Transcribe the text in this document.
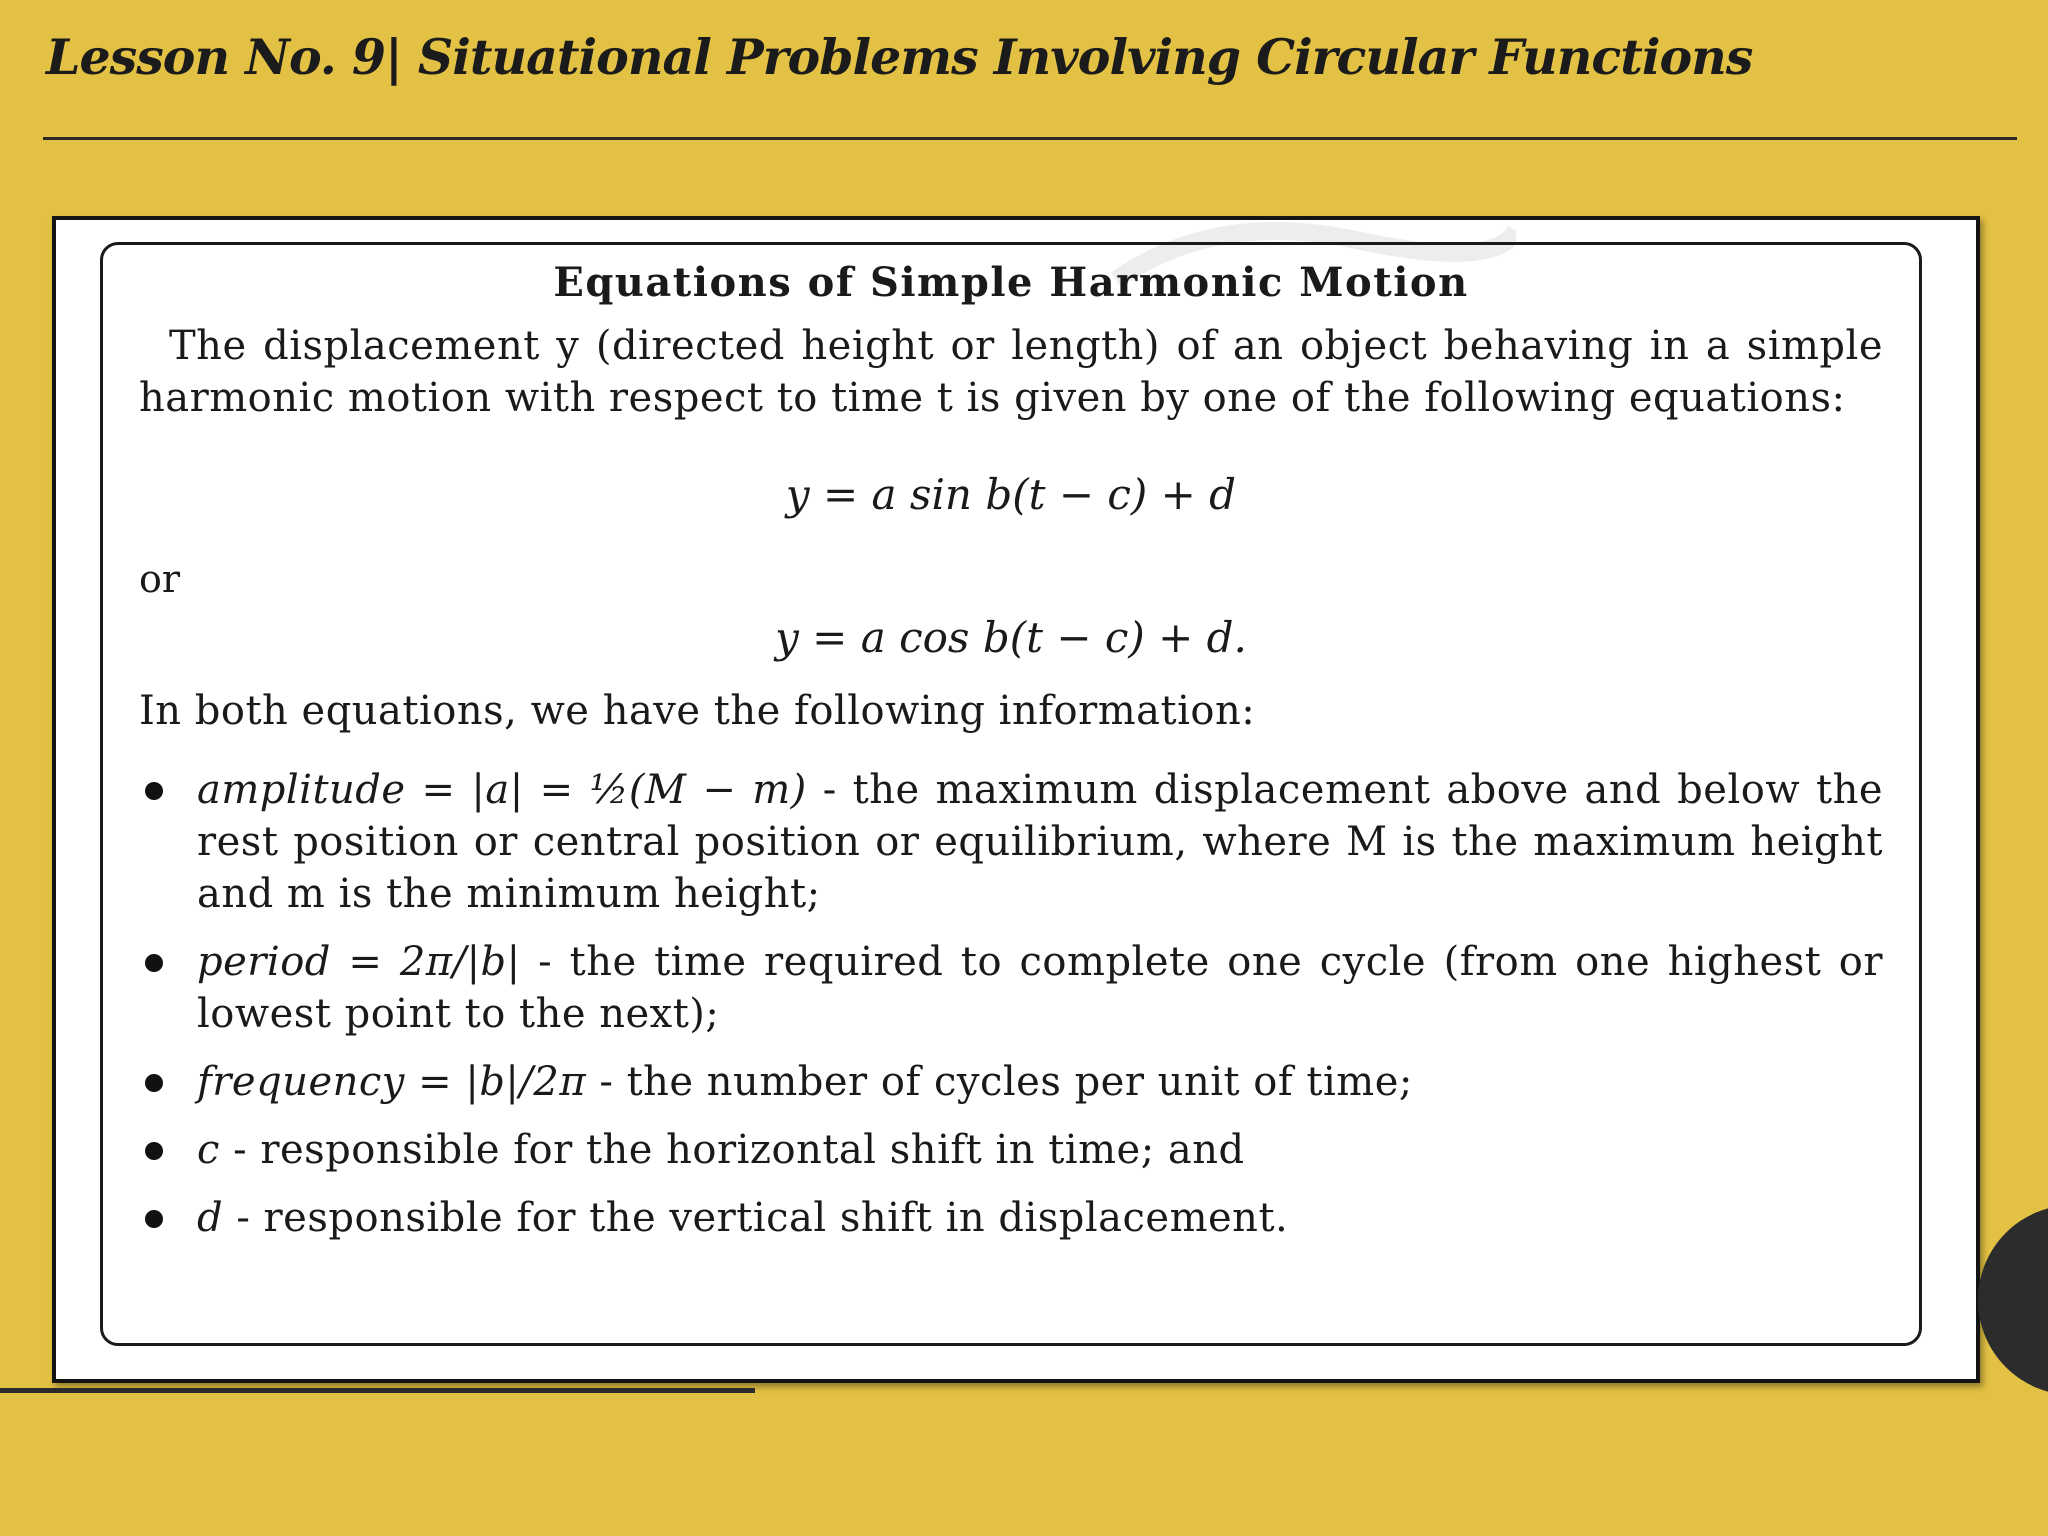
Lesson No. 9| Situational Problems Involving Circular Functions
Equations of Simple Harmonic Motion
The displacement y (directed height or length) of an object behaving in a simple harmonic motion with respect to time t is given by one of the following equations:
y = a sin b(t − c) + d
or
y = a cos b(t − c) + d.
In both equations, we have the following information:
amplitude = |a| = ½(M − m) - the maximum displacement above and below the rest position or central position or equilibrium, where M is the maximum height and m is the minimum height;
period = 2π/|b| - the time required to complete one cycle (from one highest or lowest point to the next);
frequency = |b|/2π - the number of cycles per unit of time;
c - responsible for the horizontal shift in time; and
d - responsible for the vertical shift in displacement.
